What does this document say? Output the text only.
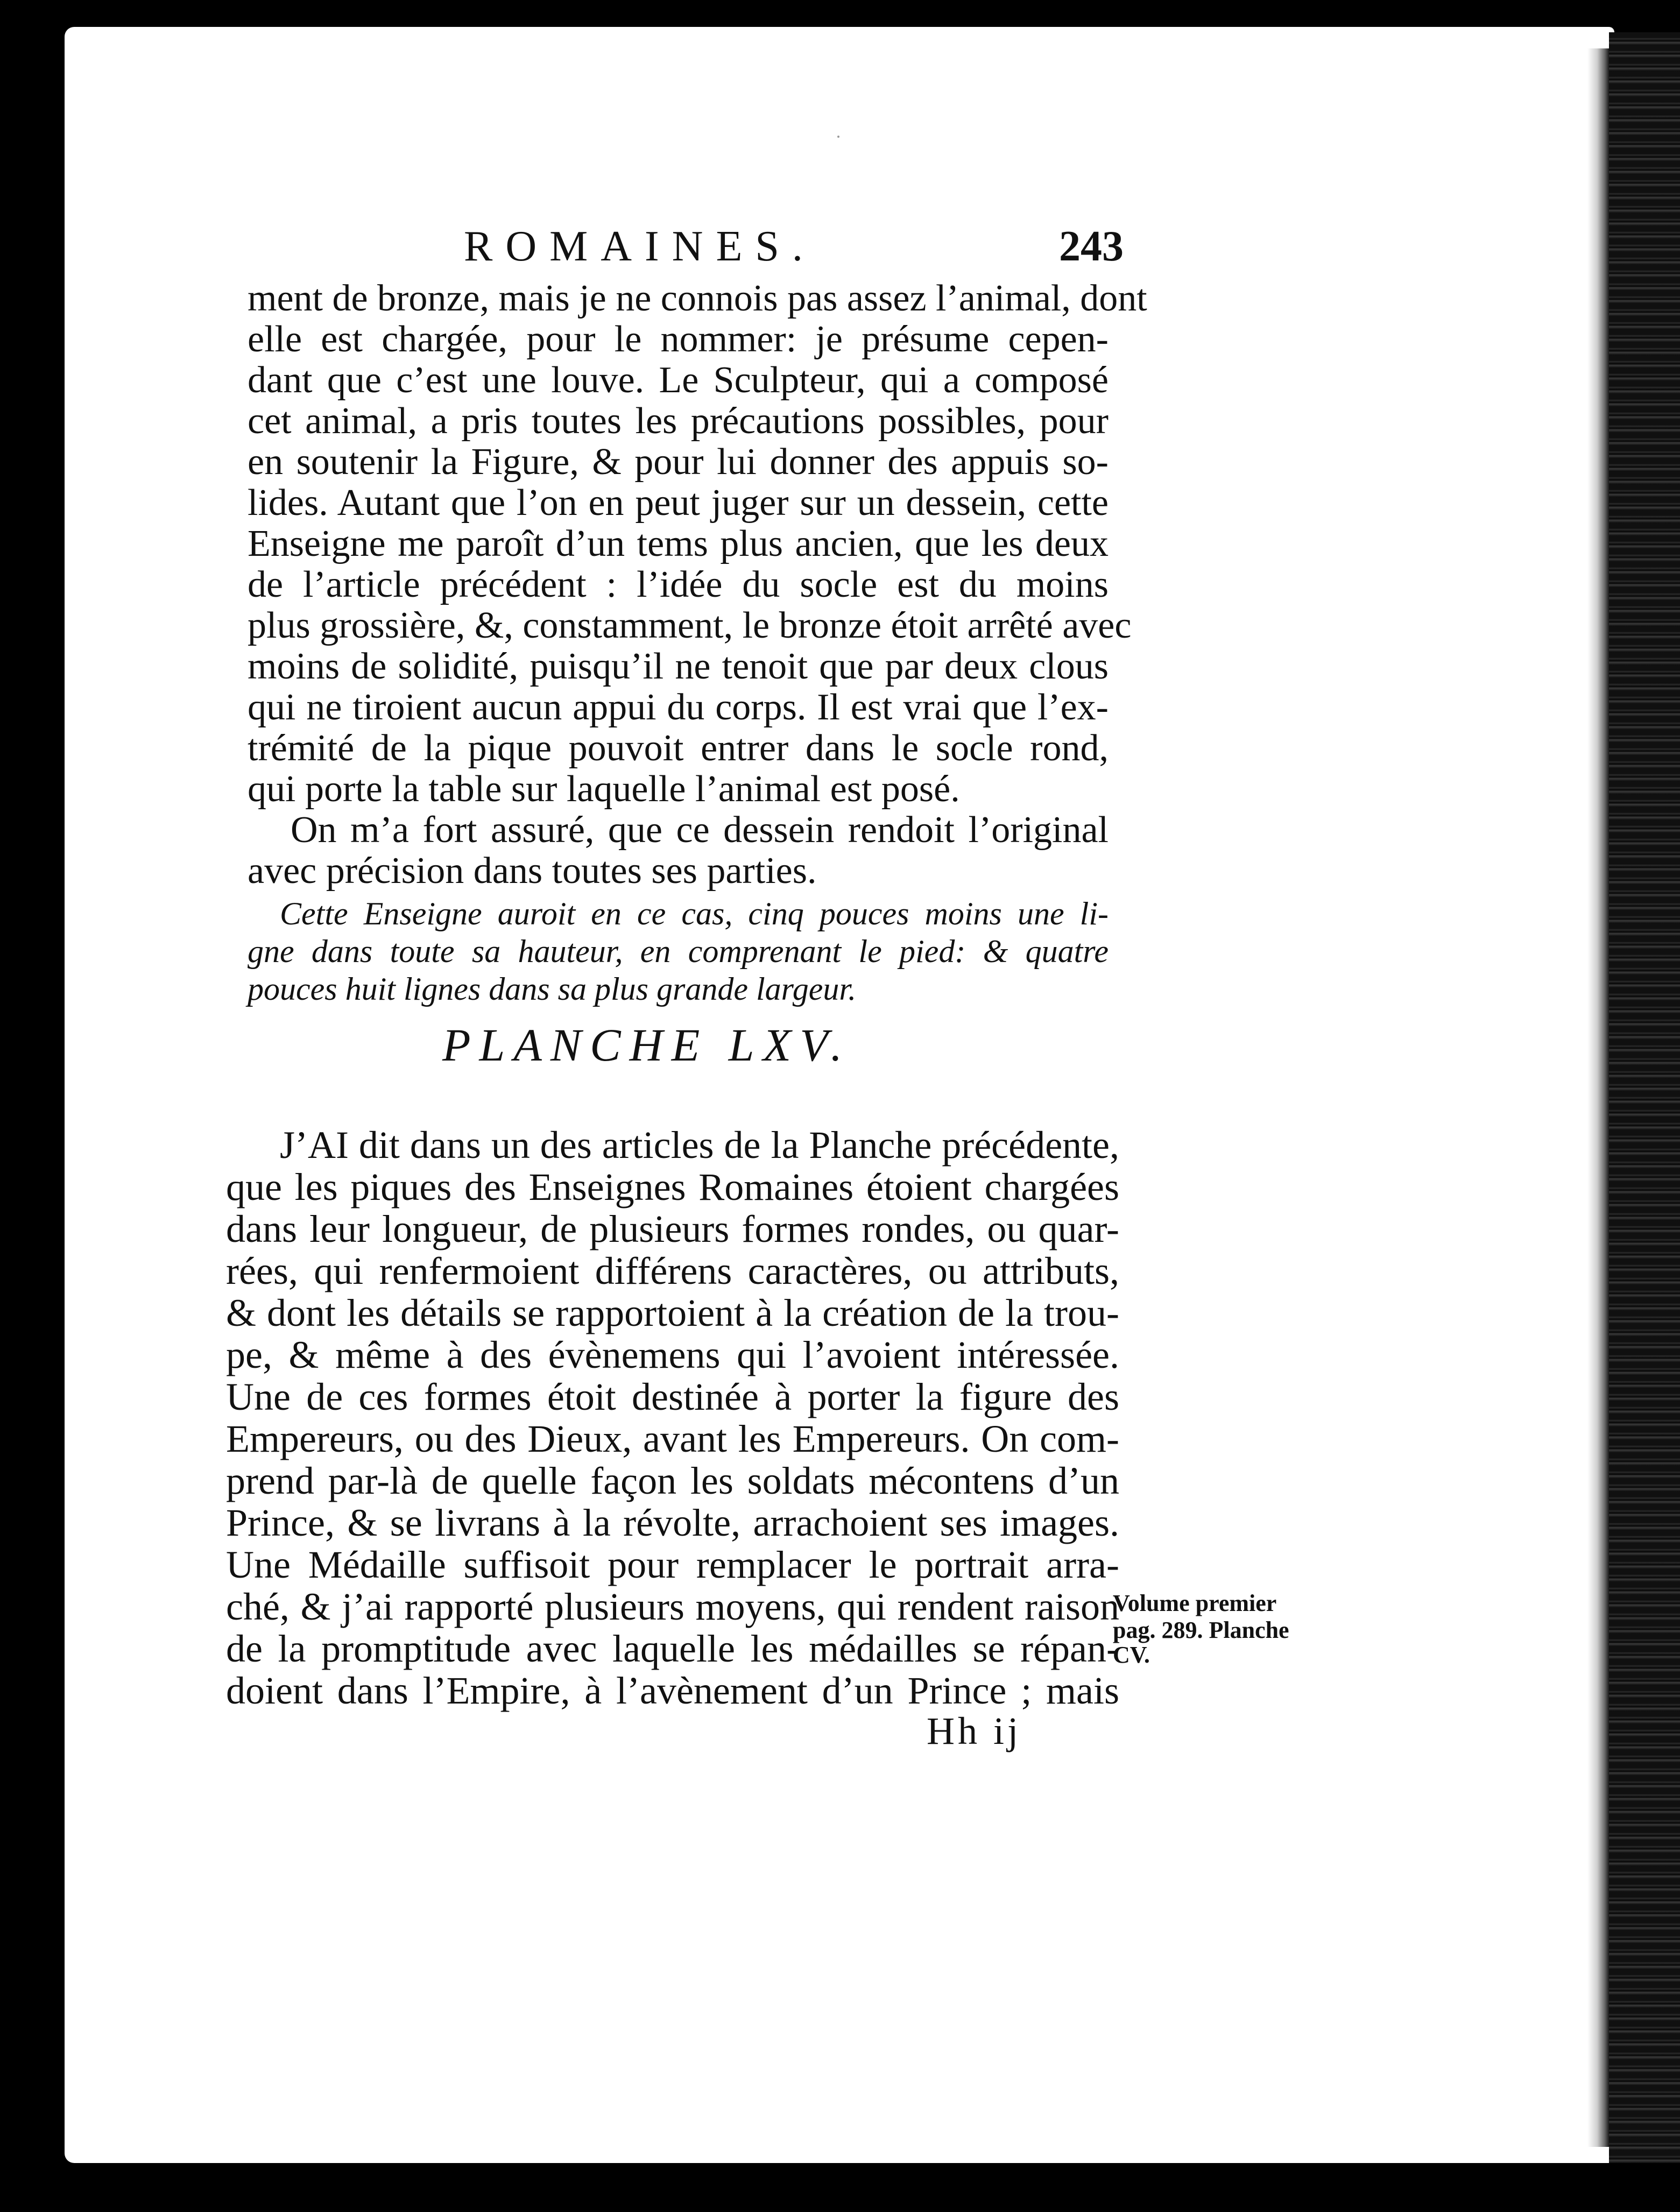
ROMAINES.	243
ment de bronze, mais je ne connois pas assez l’animal, dont
elle est chargée, pour le nommer: je présume cepen-
dant que c’est une louve. Le Sculpteur, qui a composé
cet animal, a pris toutes les précautions possibles, pour
en soutenir la Figure, & pour lui donner des appuis so-
lides. Autant que l’on en peut juger sur un dessein, cette
Enseigne me paroît d’un tems plus ancien, que les deux
de l’article précédent : l’idée du socle est du moins
plus grossière, &, constamment, le bronze étoit arrêté avec
moins de solidité, puisqu’il ne tenoit que par deux clous
qui ne tiroient aucun appui du corps. Il est vrai que l’ex-
trémité de la pique pouvoit entrer dans le socle rond,
qui porte la table sur laquelle l’animal est posé.
On m’a fort assuré, que ce dessein rendoit l’original
avec précision dans toutes ses parties.
Cette Enseigne auroit en ce cas, cinq pouces moins une li-
gne dans toute sa hauteur, en comprenant le pied: & quatre
pouces huit lignes dans sa plus grande largeur.
PLANCHE LXV.
J’AI dit dans un des articles de la Planche précédente,
que les piques des Enseignes Romaines étoient chargées
dans leur longueur, de plusieurs formes rondes, ou quar-
rées, qui renfermoient différens caractères, ou attributs,
& dont les détails se rapportoient à la création de la trou-
pe, & même à des évènemens qui l’avoient intéressée.
Une de ces formes étoit destinée à porter la figure des
Empereurs, ou des Dieux, avant les Empereurs. On com-
prend par-là de quelle façon les soldats mécontens d’un
Prince, & se livrans à la révolte, arrachoient ses images.
Une Médaille suffisoit pour remplacer le portrait arra-
ché, & j’ai rapporté plusieurs moyens, qui rendent raison
de la promptitude avec laquelle les médailles se répan-
doient dans l’Empire, à l’avènement d’un Prince ; mais
Volume premier
pag. 289. Planche
CV.
Hh ij
